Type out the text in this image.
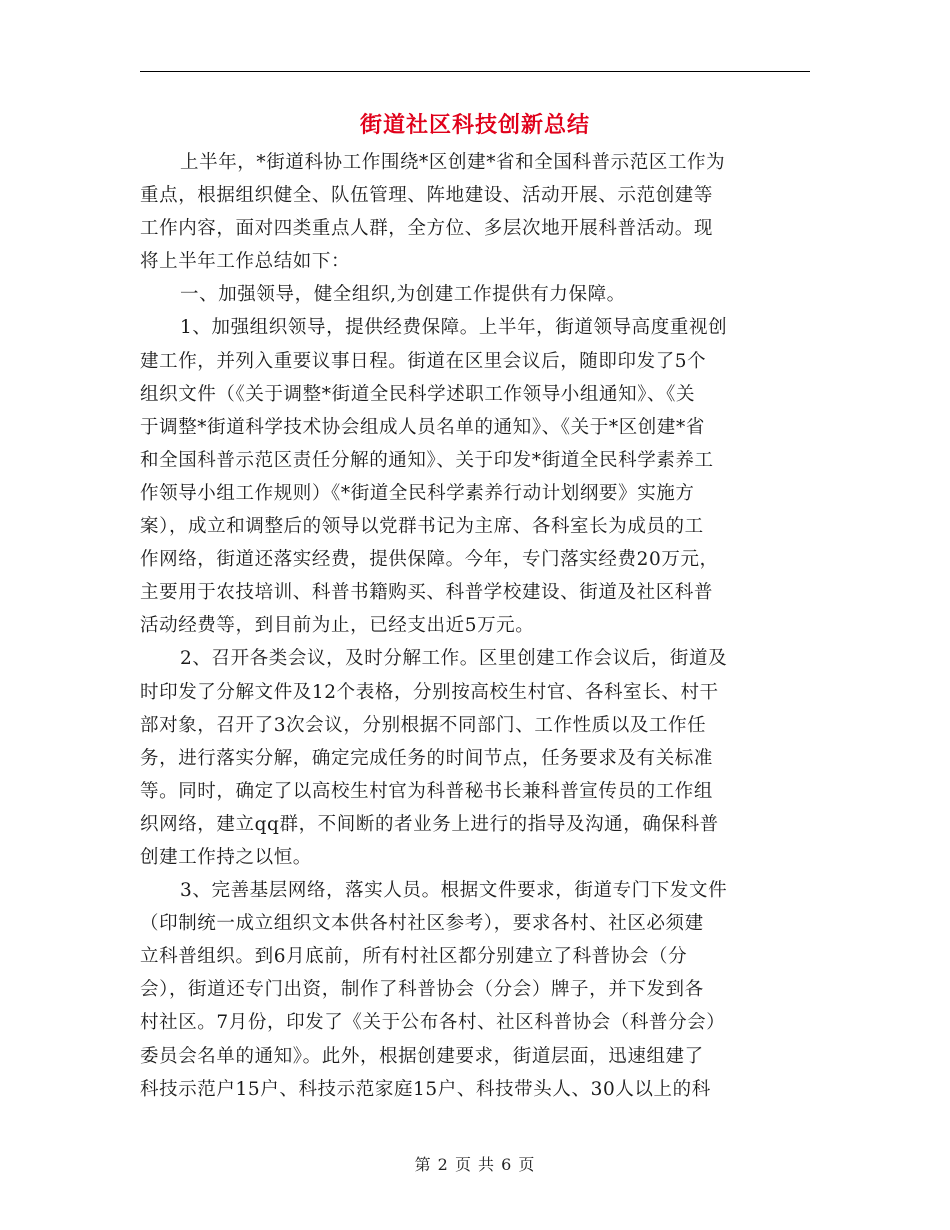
街道社区科技创新总结
上半年，*街道科协工作围绕*区创建*省和全国科普示范区工作为
重点，根据组织健全、队伍管理、阵地建设、活动开展、示范创建等
工作内容，面对四类重点人群，全方位、多层次地开展科普活动。现
将上半年工作总结如下：
一、加强领导，健全组织,为创建工作提供有力保障。
1、加强组织领导，提供经费保障。上半年，街道领导高度重视创
建工作，并列入重要议事日程。街道在区里会议后，随即印发了5个
组织文件（《关于调整*街道全民科学述职工作领导小组通知》、《关
于调整*街道科学技术协会组成人员名单的通知》、《关于*区创建*省
和全国科普示范区责任分解的通知》、关于印发*街道全民科学素养工
作领导小组工作规则）《*街道全民科学素养行动计划纲要》实施方
案），成立和调整后的领导以党群书记为主席、各科室长为成员的工
作网络，街道还落实经费，提供保障。今年，专门落实经费20万元，
主要用于农技培训、科普书籍购买、科普学校建设、街道及社区科普
活动经费等，到目前为止，已经支出近5万元。
2、召开各类会议，及时分解工作。区里创建工作会议后，街道及
时印发了分解文件及12个表格，分别按高校生村官、各科室长、村干
部对象，召开了3次会议，分别根据不同部门、工作性质以及工作任
务，进行落实分解，确定完成任务的时间节点，任务要求及有关标准
等。同时，确定了以高校生村官为科普秘书长兼科普宣传员的工作组
织网络，建立qq群，不间断的者业务上进行的指导及沟通，确保科普
创建工作持之以恒。
3、完善基层网络，落实人员。根据文件要求，街道专门下发文件
（印制统一成立组织文本供各村社区参考），要求各村、社区必须建
立科普组织。到6月底前，所有村社区都分别建立了科普协会（分
会），街道还专门出资，制作了科普协会（分会）牌子，并下发到各
村社区。7月份，印发了《关于公布各村、社区科普协会（科普分会）
委员会名单的通知》。此外，根据创建要求，街道层面，迅速组建了
科技示范户15户、科技示范家庭15户、科技带头人、30人以上的科
第 2 页 共 6 页
